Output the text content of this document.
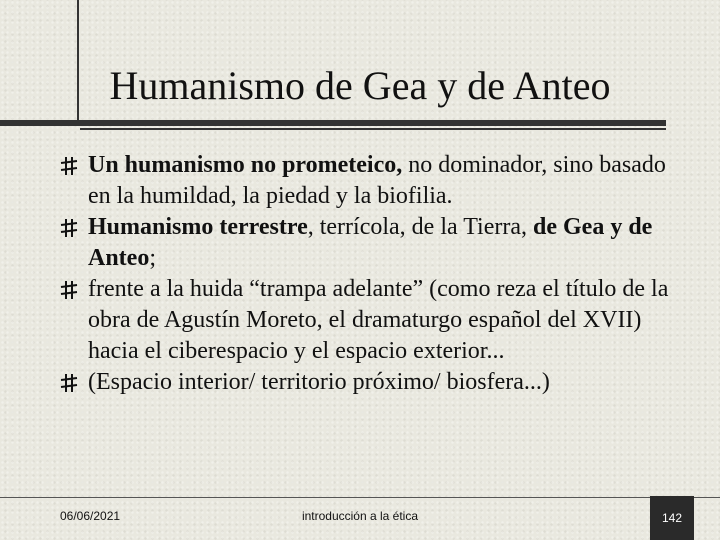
Humanismo de Gea y de Anteo
Un humanismo no prometeico, no dominador, sino basado en la humildad, la piedad y la biofilia.
Humanismo terrestre, terrícola, de la Tierra, de Gea y de Anteo;
frente a la huida “trampa adelante” (como reza el título de la obra de Agustín Moreto, el dramaturgo español del XVII) hacia el ciberespacio y el espacio exterior...
(Espacio interior/ territorio próximo/ biosfera...)
06/06/2021	introducción a la ética	142
